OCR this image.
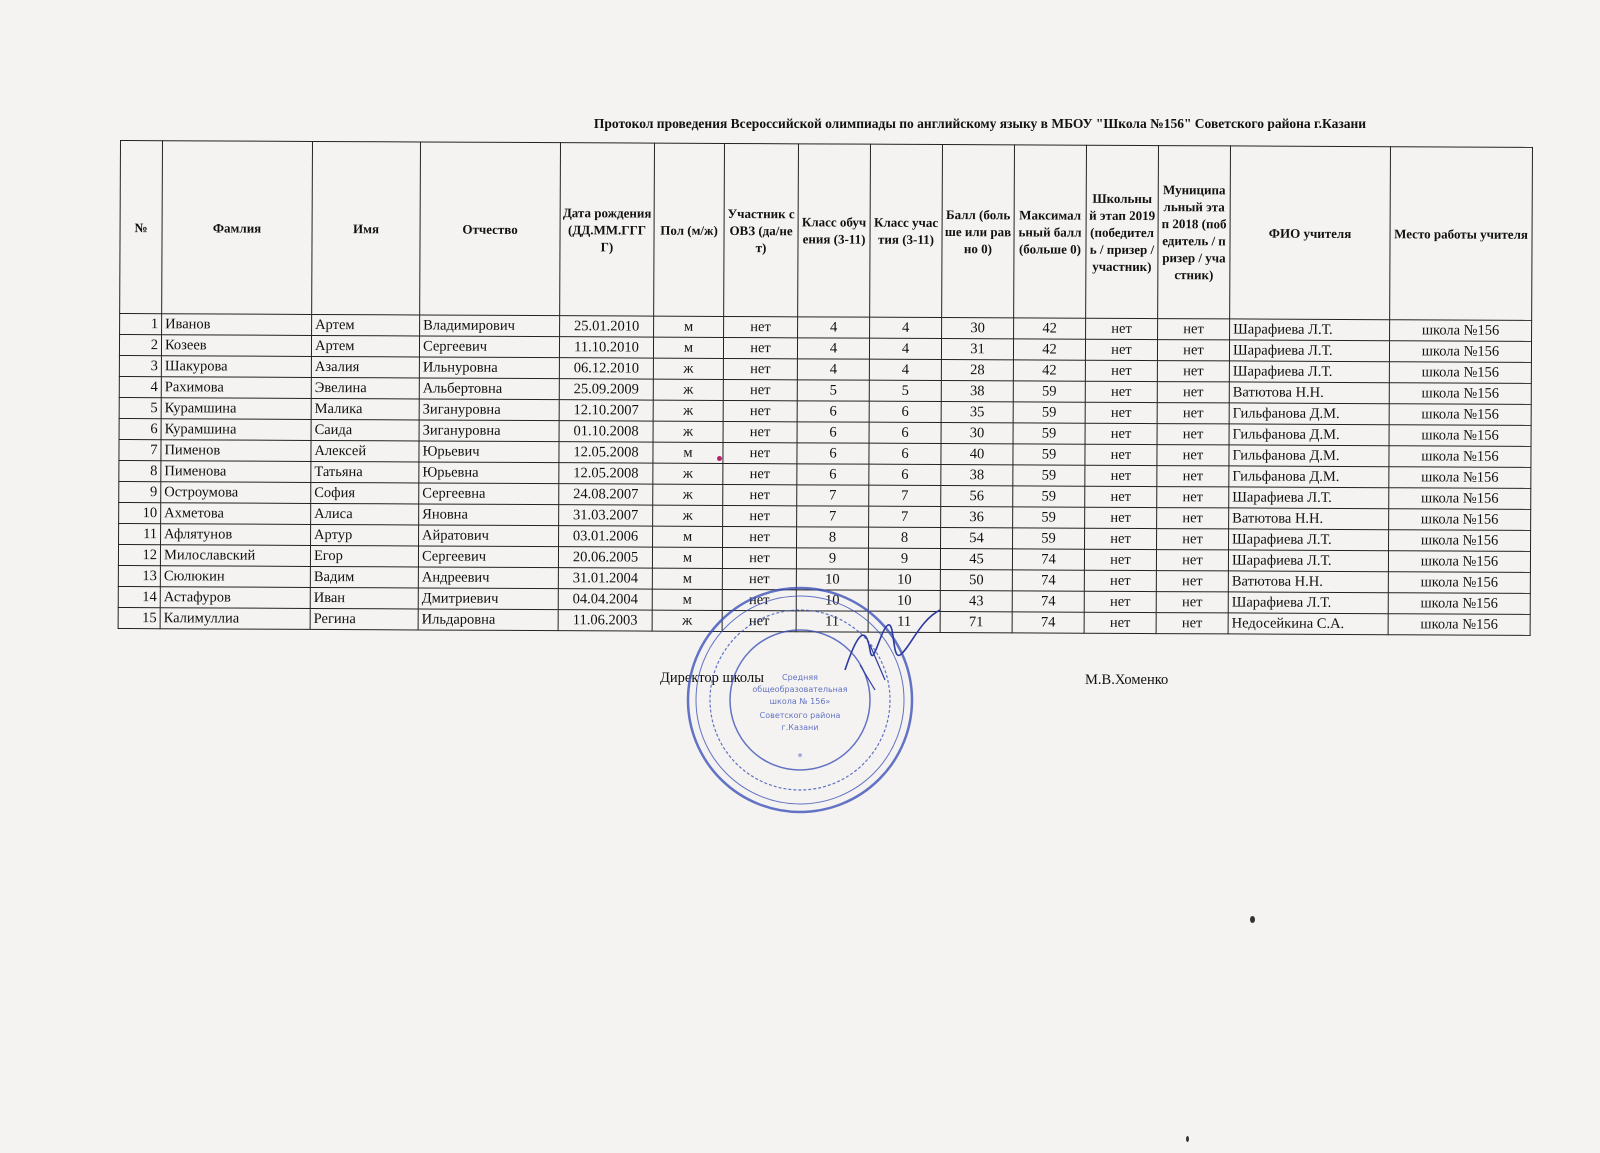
Протокол проведения Всероссийской олимпиады по английскому языку в МБОУ "Школа №156" Советского района г.Казани
№	Фамлия	Имя	Отчество	Дата рождения (ДД.ММ.ГГГГ)	Пол (м/ж)	Участник с ОВЗ (да/нет)	Класс обучения (3-11)	Класс участия (3-11)	Балл (больше или равно 0)	Максимальный балл (больше 0)	Школьный этап 2019 (победитель / призер / участник)	Муниципальный этап 2018 (победитель / призер / участник)	ФИО учителя	Место работы учителя
1	Иванов	Артем	Владимирович	25.01.2010	м	нет	4	4	30	42	нет	нет	Шарафиева Л.Т.	школа №156
2	Козеев	Артем	Сергеевич	11.10.2010	м	нет	4	4	31	42	нет	нет	Шарафиева Л.Т.	школа №156
3	Шакурова	Азалия	Ильнуровна	06.12.2010	ж	нет	4	4	28	42	нет	нет	Шарафиева Л.Т.	школа №156
4	Рахимова	Эвелина	Альбертовна	25.09.2009	ж	нет	5	5	38	59	нет	нет	Ватютова Н.Н.	школа №156
5	Курамшина	Малика	Зигануровна	12.10.2007	ж	нет	6	6	35	59	нет	нет	Гильфанова Д.М.	школа №156
6	Курамшина	Саида	Зигануровна	01.10.2008	ж	нет	6	6	30	59	нет	нет	Гильфанова Д.М.	школа №156
7	Пименов	Алексей	Юрьевич	12.05.2008	м	нет	6	6	40	59	нет	нет	Гильфанова Д.М.	школа №156
8	Пименова	Татьяна	Юрьевна	12.05.2008	ж	нет	6	6	38	59	нет	нет	Гильфанова Д.М.	школа №156
9	Остроумова	София	Сергеевна	24.08.2007	ж	нет	7	7	56	59	нет	нет	Шарафиева Л.Т.	школа №156
10	Ахметова	Алиса	Яновна	31.03.2007	ж	нет	7	7	36	59	нет	нет	Ватютова Н.Н.	школа №156
11	Афлятунов	Артур	Айратович	03.01.2006	м	нет	8	8	54	59	нет	нет	Шарафиева Л.Т.	школа №156
12	Милославский	Егор	Сергеевич	20.06.2005	м	нет	9	9	45	74	нет	нет	Шарафиева Л.Т.	школа №156
13	Сюлюкин	Вадим	Андреевич	31.01.2004	м	нет	10	10	50	74	нет	нет	Ватютова Н.Н.	школа №156
14	Астафуров	Иван	Дмитриевич	04.04.2004	м	нет	10	10	43	74	нет	нет	Шарафиева Л.Т.	школа №156
15	Калимуллиа	Регина	Ильдаровна	11.06.2003	ж	нет	11	11	71	74	нет	нет	Недосейкина С.А.	школа №156
Директор школы	М.В.Хоменко
Средняя
общеобразовательная
школа № 156»
Советского района
г.Казани
*
